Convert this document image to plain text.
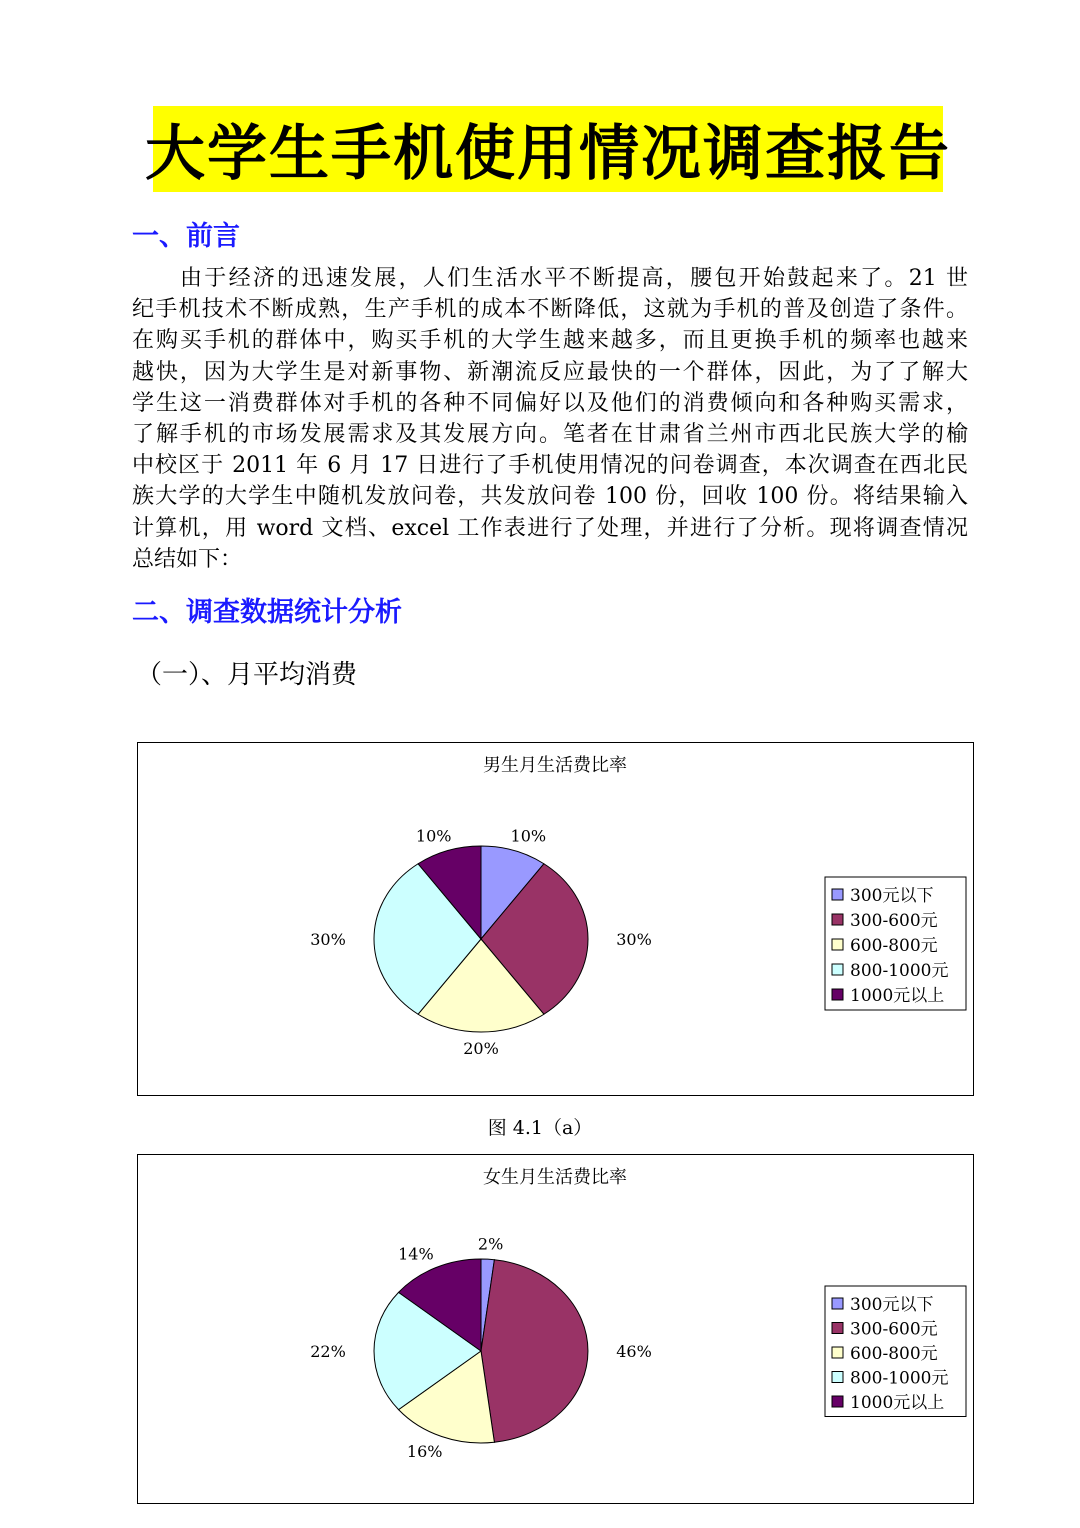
大学生手机使用情况调查报告
一、前言
由于经济的迅速发展，人们生活水平不断提高，腰包开始鼓起来了。21 世
纪手机技术不断成熟，生产手机的成本不断降低，这就为手机的普及创造了条件。
在购买手机的群体中，购买手机的大学生越来越多，而且更换手机的频率也越来
越快，因为大学生是对新事物、新潮流反应最快的一个群体，因此，为了了解大
学生这一消费群体对手机的各种不同偏好以及他们的消费倾向和各种购买需求，
了解手机的市场发展需求及其发展方向。笔者在甘肃省兰州市西北民族大学的榆
中校区于 2011 年 6 月 17 日进行了手机使用情况的问卷调查，本次调查在西北民
族大学的大学生中随机发放问卷，共发放问卷 100 份，回收 100 份。将结果输入
计算机，用 word 文档、excel 工作表进行了处理，并进行了分析。现将调查情况
总结如下：
二、调查数据统计分析
（一）、月平均消费
男生月生活费比率
10%
30%
20%
30%
10%
300元以下
300-600元
600-800元
800-1000元
1000元以上
图 4.1（a）
女生月生活费比率
2%
46%
16%
22%
14%
300元以下
300-600元
600-800元
800-1000元
1000元以上
